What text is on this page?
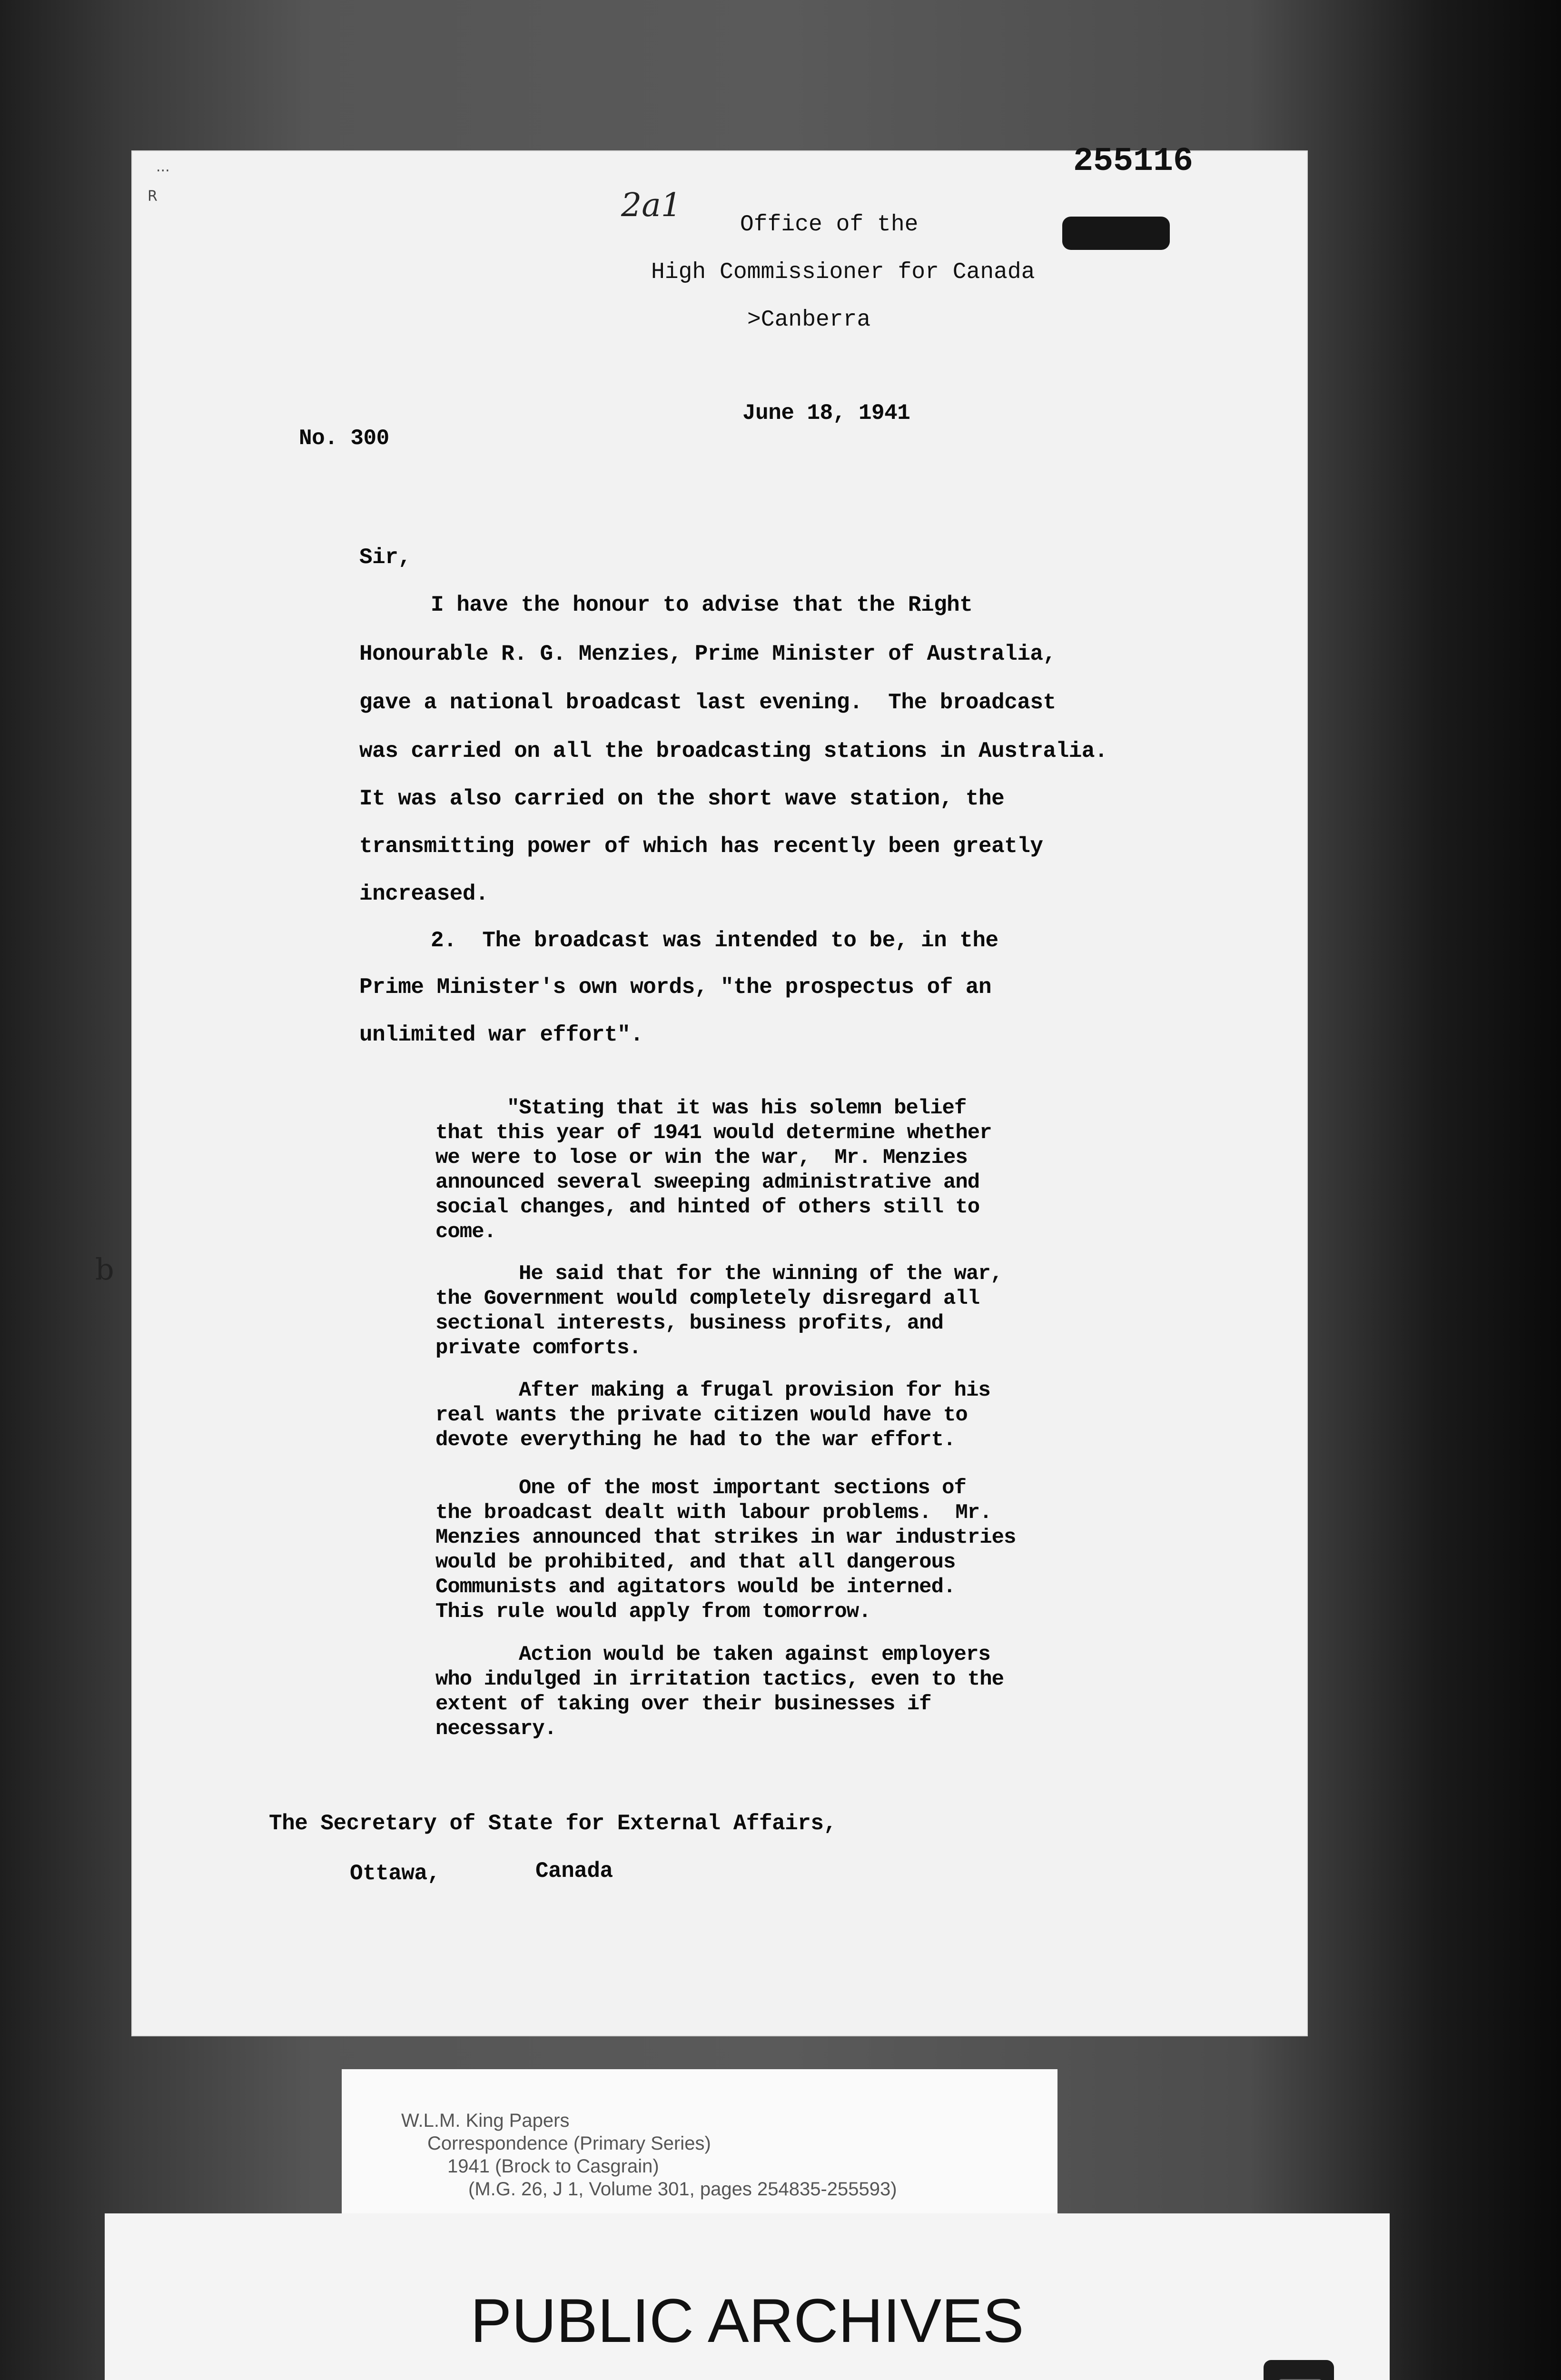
...
R
255116
2a1
Office of the
High Commissioner for Canada
>Canberra
June 18, 1941
No. 300
Sir,
I have the honour to advise that the Right
Honourable R. G. Menzies, Prime Minister of Australia,
gave a national broadcast last evening.  The broadcast
was carried on all the broadcasting stations in Australia.
It was also carried on the short wave station, the
transmitting power of which has recently been greatly
increased.
2.  The broadcast was intended to be, in the
Prime Minister's own words, "the prospectus of an
unlimited war effort".
"Stating that it was his solemn belief
that this year of 1941 would determine whether
we were to lose or win the war,  Mr. Menzies
announced several sweeping administrative and
social changes, and hinted of others still to
come.
He said that for the winning of the war,
the Government would completely disregard all
sectional interests, business profits, and
private comforts.
After making a frugal provision for his
real wants the private citizen would have to
devote everything he had to the war effort.
One of the most important sections of
the broadcast dealt with labour problems.  Mr.
Menzies announced that strikes in war industries
would be prohibited, and that all dangerous
Communists and agitators would be interned.
This rule would apply from tomorrow.
Action would be taken against employers
who indulged in irritation tactics, even to the
extent of taking over their businesses if
necessary.
b
The Secretary of State for External Affairs,
Ottawa,	Canada
W.L.M. King Papers
Correspondence (Primary Series)
1941 (Brock to Casgrain)
(M.G. 26, J 1, Volume 301, pages 254835-255593)
PUBLIC ARCHIVES
